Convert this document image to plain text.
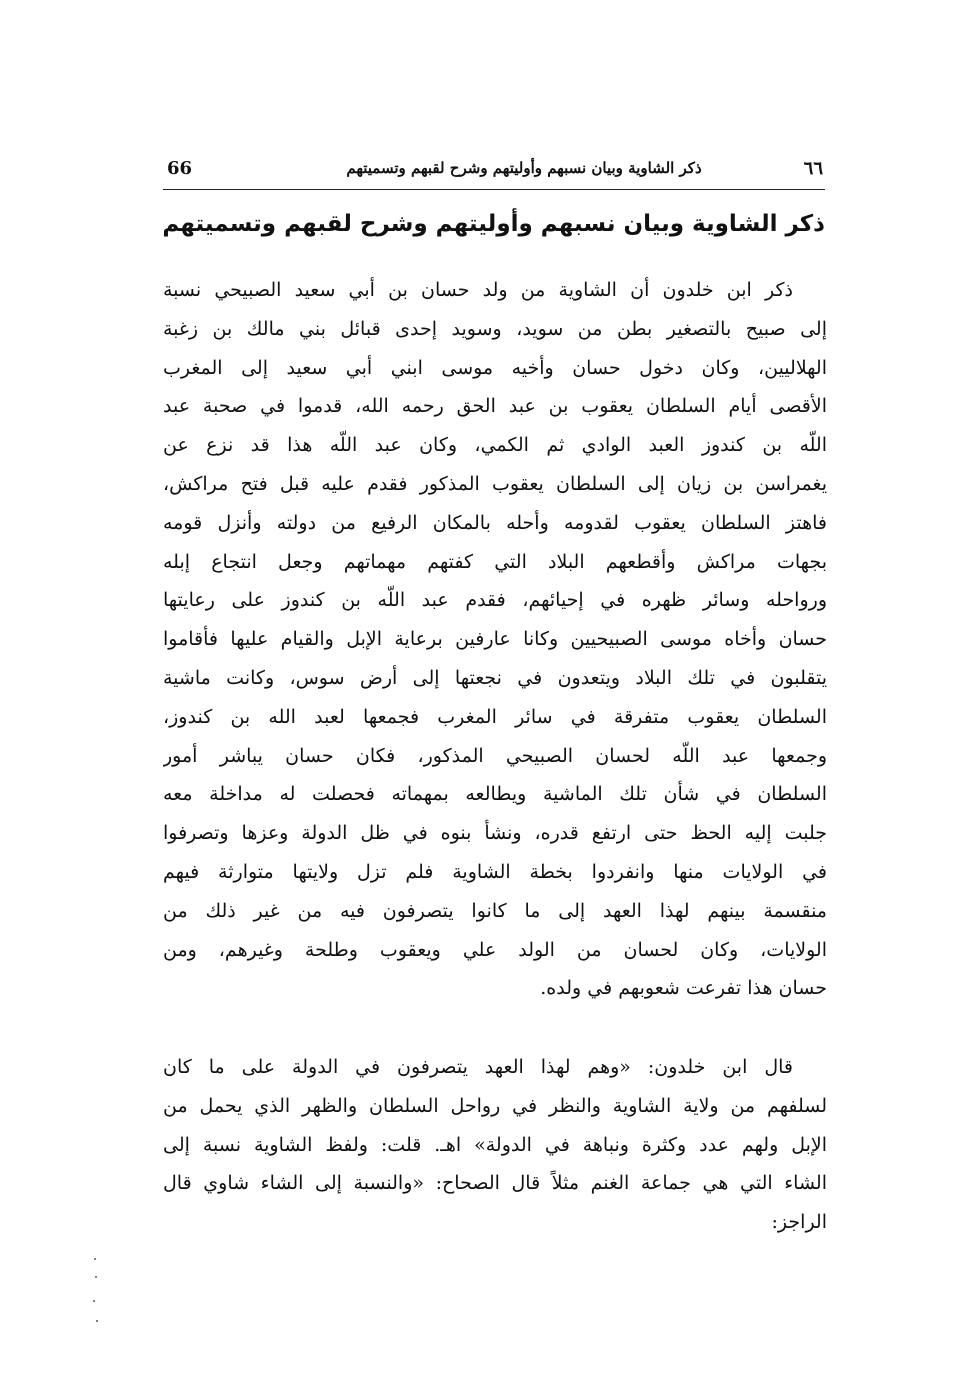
66	ذكر الشاوية وبيان نسبهم وأوليتهم وشرح لقبهم وتسميتهم	٦٦
ذكر الشاوية وبيان نسبهم وأوليتهم وشرح لقبهم وتسميتهم
ذكر ابن خلدون أن الشاوية من ولد حسان بن أبي سعيد الصبيحي نسبة
إلى صبيح بالتصغير بطن من سويد، وسويد إحدى قبائل بني مالك بن زغبة
الهلاليين، وكان دخول حسان وأخيه موسى ابني أبي سعيد إلى المغرب
الأقصى أيام السلطان يعقوب بن عبد الحق رحمه الله، قدموا في صحبة عبد
اللّه بن كندوز العبد الوادي ثم الكمي، وكان عبد اللّه هذا قد نزع عن
يغمراسن بن زيان إلى السلطان يعقوب المذكور فقدم عليه قبل فتح مراكش،
فاهتز السلطان يعقوب لقدومه وأحله بالمكان الرفيع من دولته وأنزل قومه
بجهات مراكش وأقطعهم البلاد التي كفتهم مهماتهم وجعل انتجاع إبله
ورواحله وسائر ظهره في إحيائهم، فقدم عبد اللّه بن كندوز على رعايتها
حسان وأخاه موسى الصبيحيين وكانا عارفين برعاية الإبل والقيام عليها فأقاموا
يتقلبون في تلك البلاد ويتعدون في نجعتها إلى أرض سوس، وكانت ماشية
السلطان يعقوب متفرقة في سائر المغرب فجمعها لعبد الله بن كندوز،
وجمعها عبد اللّه لحسان الصبيحي المذكور، فكان حسان يباشر أمور
السلطان في شأن تلك الماشية ويطالعه بمهماته فحصلت له مداخلة معه
جلبت إليه الحظ حتى ارتفع قدره، ونشأ بنوه في ظل الدولة وعزها وتصرفوا
في الولايات منها وانفردوا بخطة الشاوية فلم تزل ولايتها متوارثة فيهم
منقسمة بينهم لهذا العهد إلى ما كانوا يتصرفون فيه من غير ذلك من
الولايات، وكان لحسان من الولد علي ويعقوب وطلحة وغيرهم، ومن
حسان هذا تفرعت شعوبهم في ولده.
قال ابن خلدون: «وهم لهذا العهد يتصرفون في الدولة على ما كان
لسلفهم من ولاية الشاوية والنظر في رواحل السلطان والظهر الذي يحمل من
الإبل ولهم عدد وكثرة ونباهة في الدولة» اهـ. قلت: ولفظ الشاوية نسبة إلى
الشاء التي هي جماعة الغنم مثلاً قال الصحاح: «والنسبة إلى الشاء شاوي قال
الراجز:
